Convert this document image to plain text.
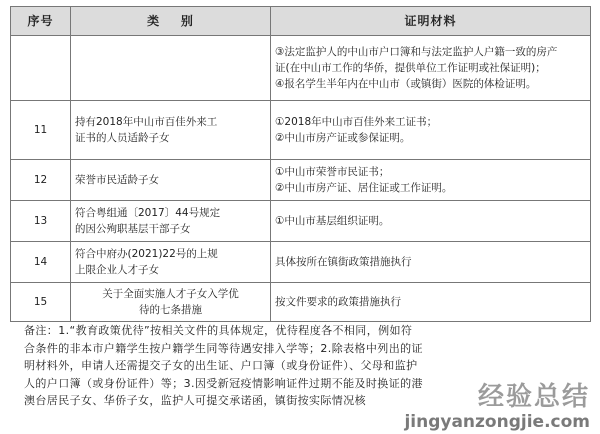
序号	类    别	证明材料

		③法定监护人的中山市户口簿和与法定监护人户籍一致的房产
证(在中山市工作的华侨，提供单位工作证明或社保证明)；
④报名学生半年内在中山市（或镇街）医院的体检证明。

11	持有2018年中山市百佳外来工
证书的人员适龄子女	①2018年中山市百佳外来工证书；
②中山市房产证或参保证明。

12	荣誉市民适龄子女	①中山市荣誉市民证书；
②中山市房产证、居住证或工作证明。

13	符合粤组通〔2017〕44号规定
的因公殉职基层干部子女	①中山市基层组织证明。

14	符合中府办(2021)22号的上规
上限企业人才子女	具体按所在镇街政策措施执行

15	关于全面实施人才子女入学优
待的七条措施	按文件要求的政策措施执行
备注：1.“教育政策优待”按相关文件的具体规定，优待程度各不相同，例如符
合条件的非本市户籍学生按户籍学生同等待遇安排入学等；2.除表格中列出的证
明材料外，申请人还需提交子女的出生证、户口簿（或身份证件）、父母和监护
人的户口簿（或身份证件）等；3.因受新冠疫情影响证件过期不能及时换证的港
澳台居民子女、华侨子女，监护人可提交承诺函，镇街按实际情况核	经验总结
jingyanzongjie.com
